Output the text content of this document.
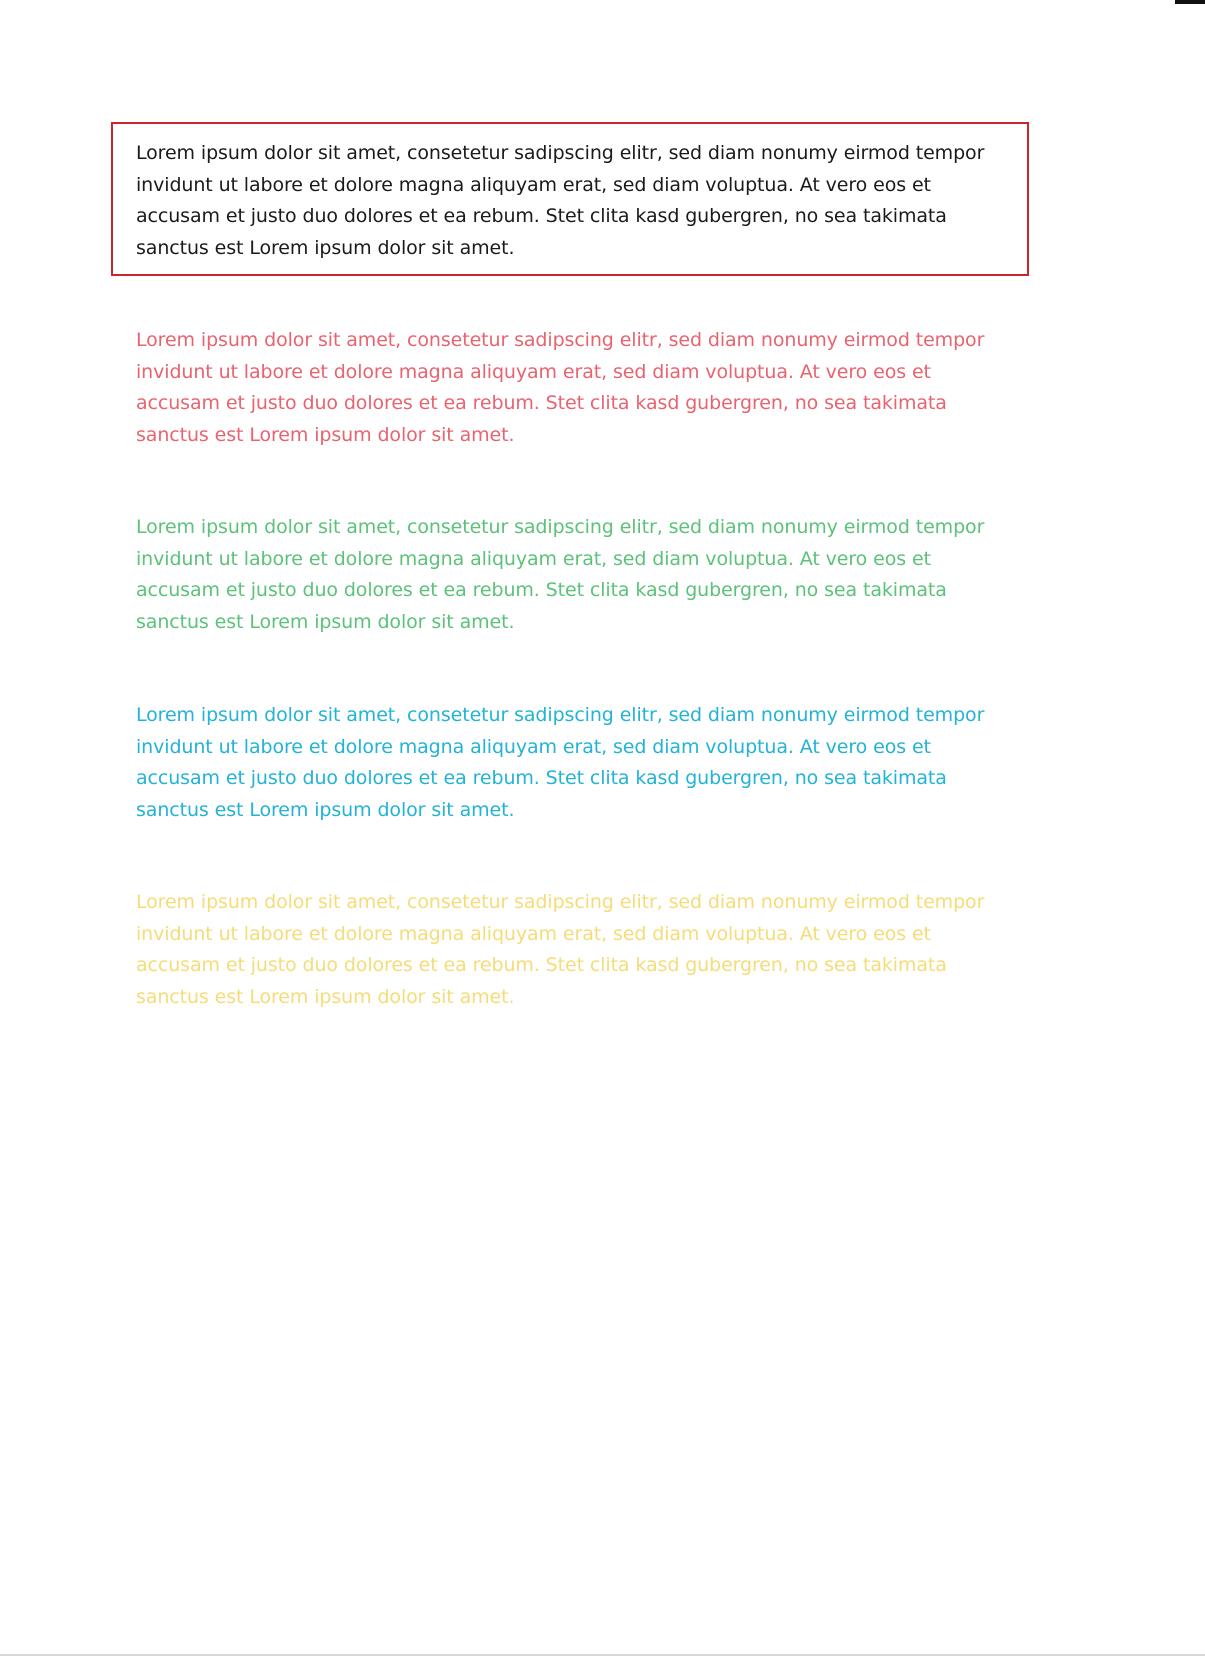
Lorem ipsum dolor sit amet, consetetur sadipscing elitr, sed diam nonumy eirmod tempor invidunt ut labore et dolore magna aliquyam erat, sed diam voluptua. At vero eos et accusam et justo duo dolores et ea rebum. Stet clita kasd gubergren, no sea takimata sanctus est Lorem ipsum dolor sit amet.

Lorem ipsum dolor sit amet, consetetur sadipscing elitr, sed diam nonumy eirmod tempor invidunt ut labore et dolore magna aliquyam erat, sed diam voluptua. At vero eos et accusam et justo duo dolores et ea rebum. Stet clita kasd gubergren, no sea takimata sanctus est Lorem ipsum dolor sit amet.

Lorem ipsum dolor sit amet, consetetur sadipscing elitr, sed diam nonumy eirmod tempor invidunt ut labore et dolore magna aliquyam erat, sed diam voluptua. At vero eos et accusam et justo duo dolores et ea rebum. Stet clita kasd gubergren, no sea takimata sanctus est Lorem ipsum dolor sit amet.

Lorem ipsum dolor sit amet, consetetur sadipscing elitr, sed diam nonumy eirmod tempor invidunt ut labore et dolore magna aliquyam erat, sed diam voluptua. At vero eos et accusam et justo duo dolores et ea rebum. Stet clita kasd gubergren, no sea takimata sanctus est Lorem ipsum dolor sit amet.

Lorem ipsum dolor sit amet, consetetur sadipscing elitr, sed diam nonumy eirmod tempor invidunt ut labore et dolore magna aliquyam erat, sed diam voluptua. At vero eos et accusam et justo duo dolores et ea rebum. Stet clita kasd gubergren, no sea takimata sanctus est Lorem ipsum dolor sit amet.
